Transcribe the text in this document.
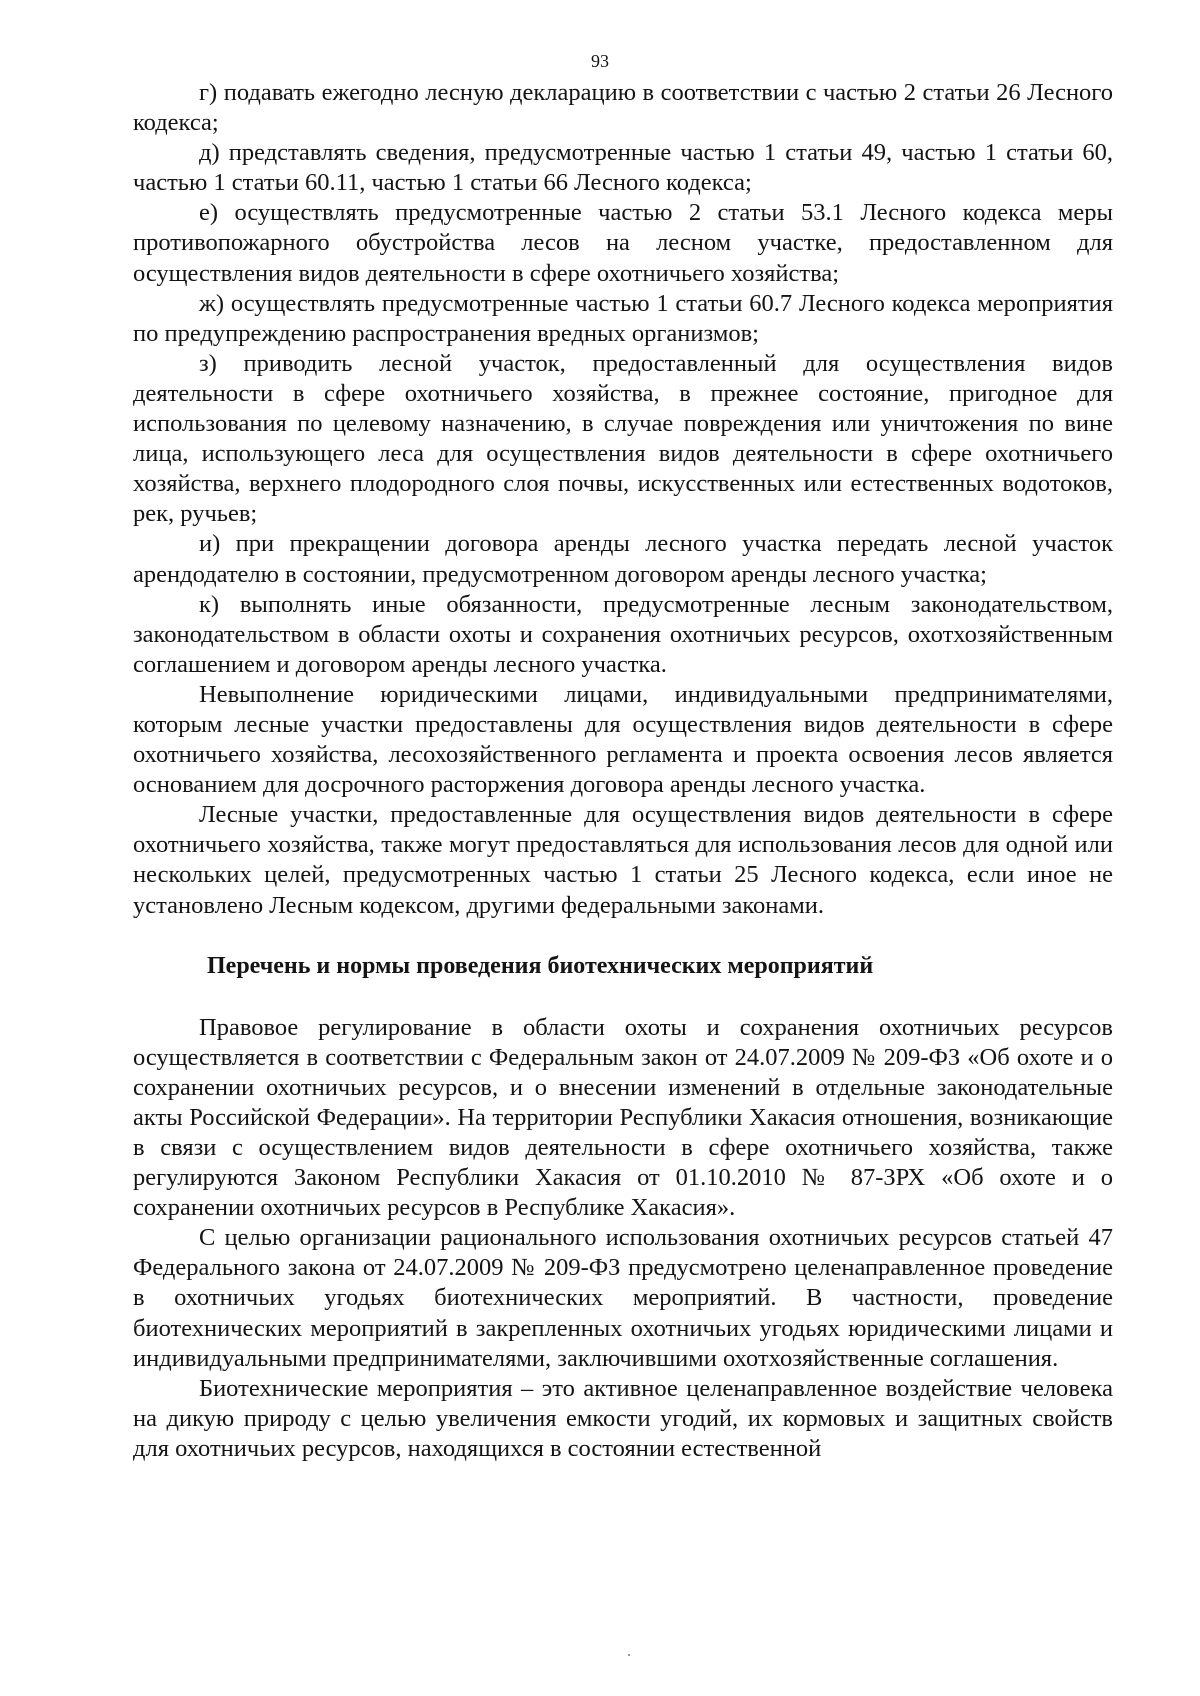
93

г) подавать ежегодно лесную декларацию в соответствии с частью 2 статьи 26 Лесного кодекса;

д) представлять сведения, предусмотренные частью 1 статьи 49, частью 1 статьи 60, частью 1 статьи 60.11, частью 1 статьи 66 Лесного кодекса;

е) осуществлять предусмотренные частью 2 статьи 53.1 Лесного кодекса меры противопожарного обустройства лесов на лесном участке, предоставленном для осуществления видов деятельности в сфере охотничьего хозяйства;

ж) осуществлять предусмотренные частью 1 статьи 60.7 Лесного кодекса мероприятия по предупреждению распространения вредных организмов;

з) приводить лесной участок, предоставленный для осуществления видов деятельности в сфере охотничьего хозяйства, в прежнее состояние, пригодное для использования по целевому назначению, в случае повреждения или уничтожения по вине лица, использующего леса для осуществления видов деятельности в сфере охотничьего хозяйства, верхнего плодородного слоя почвы, искусственных или естественных водотоков, рек, ручьев;

и) при прекращении договора аренды лесного участка передать лесной участок арендодателю в состоянии, предусмотренном договором аренды лесного участка;

к) выполнять иные обязанности, предусмотренные лесным законодательством, законодательством в области охоты и сохранения охотничьих ресурсов, охотхозяйственным соглашением и договором аренды лесного участка.

Невыполнение юридическими лицами, индивидуальными предпринимателями, которым лесные участки предоставлены для осуществления видов деятельности в сфере охотничьего хозяйства, лесохозяйственного регламента и проекта освоения лесов является основанием для досрочного расторжения договора аренды лесного участка.

Лесные участки, предоставленные для осуществления видов деятельности в сфере охотничьего хозяйства, также могут предоставляться для использования лесов для одной или нескольких целей, предусмотренных частью 1 статьи 25 Лесного кодекса, если иное не установлено Лесным кодексом, другими федеральными законами.

Перечень и нормы проведения биотехнических мероприятий

Правовое регулирование в области охоты и сохранения охотничьих ресурсов осуществляется в соответствии с Федеральным закон от 24.07.2009 № 209-ФЗ «Об охоте и о сохранении охотничьих ресурсов, и о внесении изменений в отдельные законодательные акты Российской Федерации». На территории Республики Хакасия отношения, возникающие в связи с осуществлением видов деятельности в сфере охотничьего хозяйства, также регулируются Законом Республики Хакасия от 01.10.2010 № 87-ЗРХ «Об охоте и о сохранении охотничьих ресурсов в Республике Хакасия».

С целью организации рационального использования охотничьих ресурсов статьей 47 Федерального закона от 24.07.2009 № 209-ФЗ предусмотрено целенаправленное проведение в охотничьих угодьях биотехнических мероприятий. В частности, проведение биотехнических мероприятий в закрепленных охотничьих угодьях юридическими лицами и индивидуальными предпринимателями, заключившими охотхозяйственные соглашения.

Биотехнические мероприятия – это активное целенаправленное воздействие человека на дикую природу с целью увеличения емкости угодий, их кормовых и защитных свойств для охотничьих ресурсов, находящихся в состоянии естественной
